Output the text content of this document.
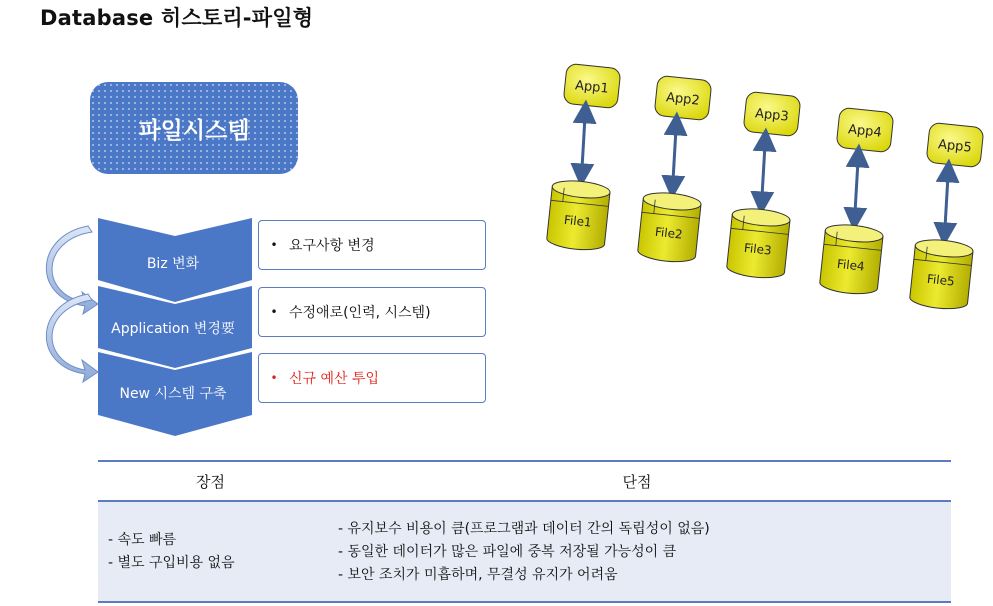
Database 히스토리-파일형
파일시스템
Biz 변화
Application 변경要
New 시스템 구축
• 요구사항 변경
• 수정애로(인력, 시스템)
• 신규 예산 투입
장점	단점
- 속도 빠름
- 별도 구입비용 없음
- 유지보수 비용이 큼(프로그램과 데이터 간의 독립성이 없음)
- 동일한 데이터가 많은 파일에 중복 저장될 가능성이 큼
- 보안 조치가 미흡하며, 무결성 유지가 어려움
App1
File1
App2
File2
App3
File3
App4
File4
App5
File5
